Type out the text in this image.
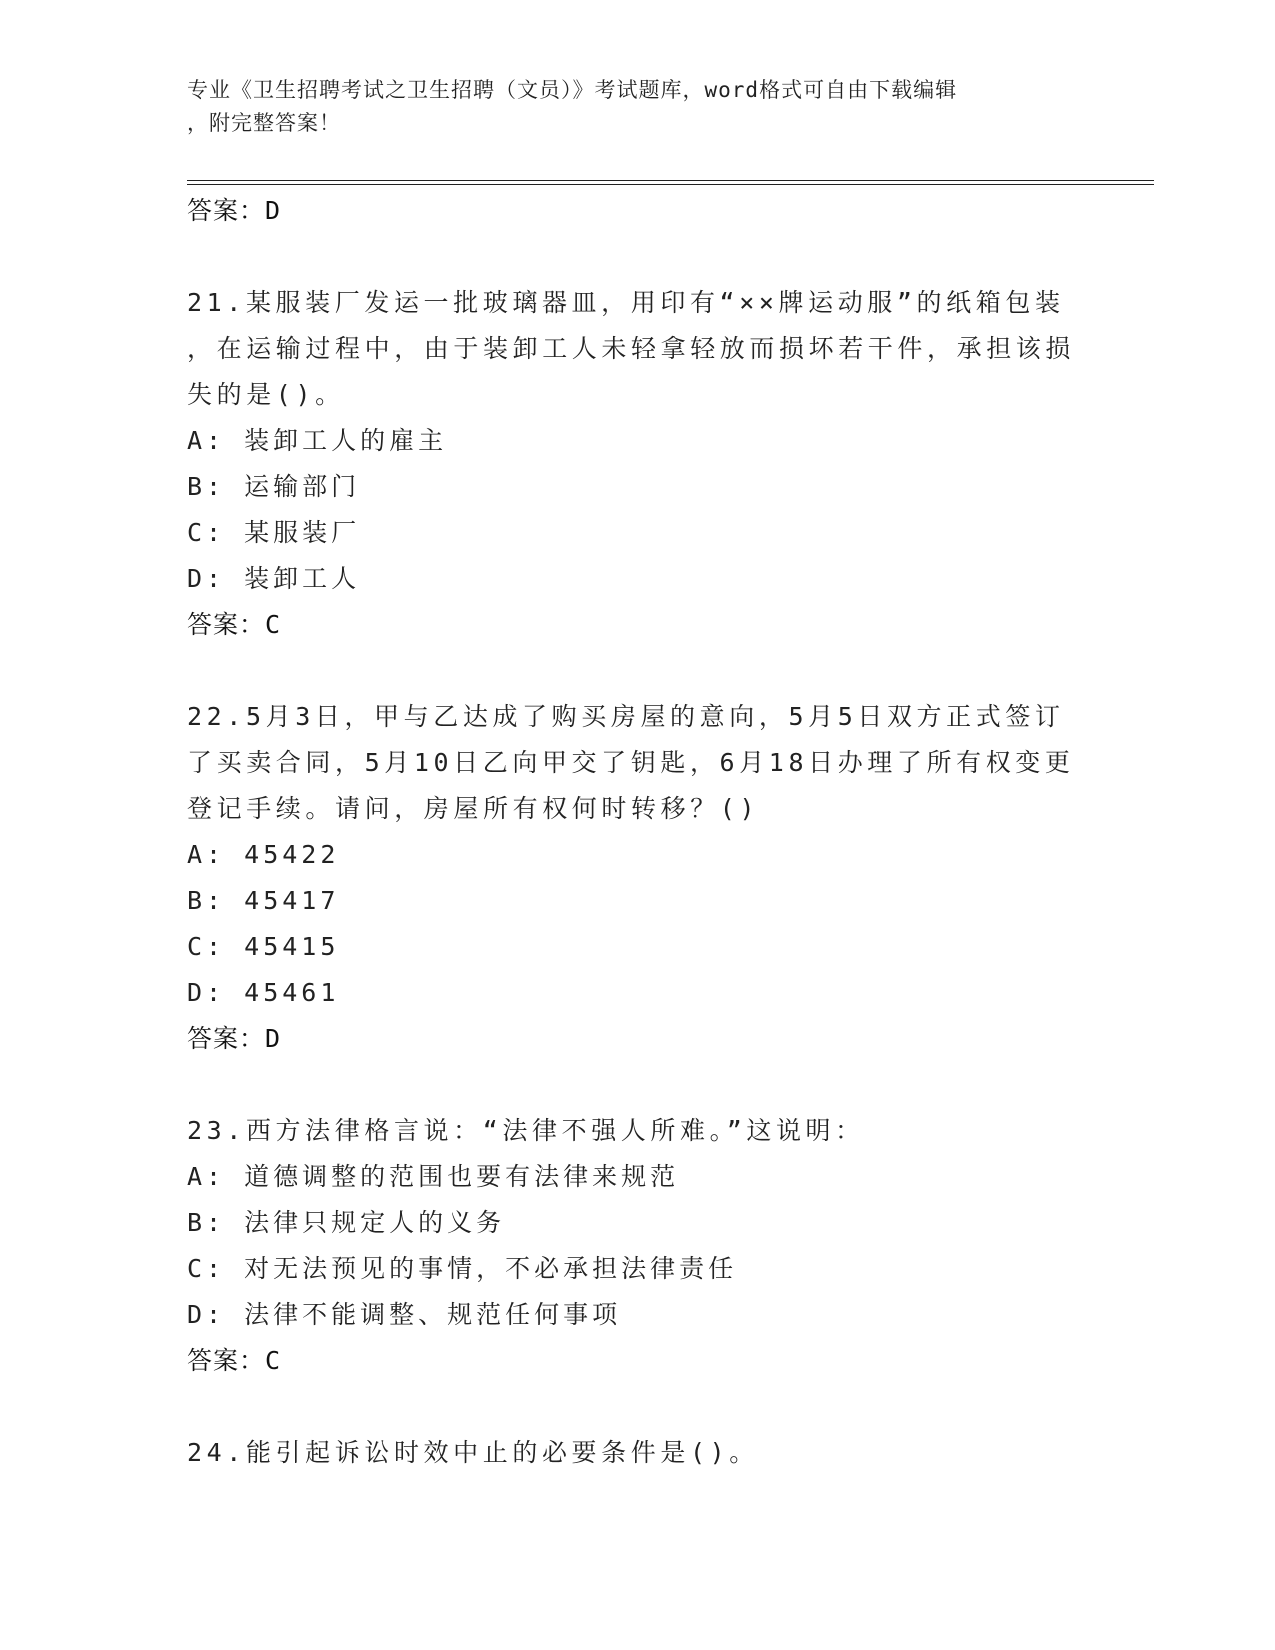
专业《卫生招聘考试之卫生招聘（文员）》考试题库，word格式可自由下载编辑
，附完整答案！
答案：D
21.某服装厂发运一批玻璃器皿，用印有“××牌运动服”的纸箱包装
，在运输过程中，由于装卸工人未轻拿轻放而损坏若干件，承担该损
失的是()。
A: 装卸工人的雇主
B: 运输部门
C: 某服装厂
D: 装卸工人
答案：C
22.5月3日，甲与乙达成了购买房屋的意向，5月5日双方正式签订
了买卖合同，5月10日乙向甲交了钥匙，6月18日办理了所有权变更
登记手续。请问，房屋所有权何时转移？()
A: 45422
B: 45417
C: 45415
D: 45461
答案：D
23.西方法律格言说：“法律不强人所难。”这说明：
A: 道德调整的范围也要有法律来规范
B: 法律只规定人的义务
C: 对无法预见的事情，不必承担法律责任
D: 法律不能调整、规范任何事项
答案：C
24.能引起诉讼时效中止的必要条件是()。
